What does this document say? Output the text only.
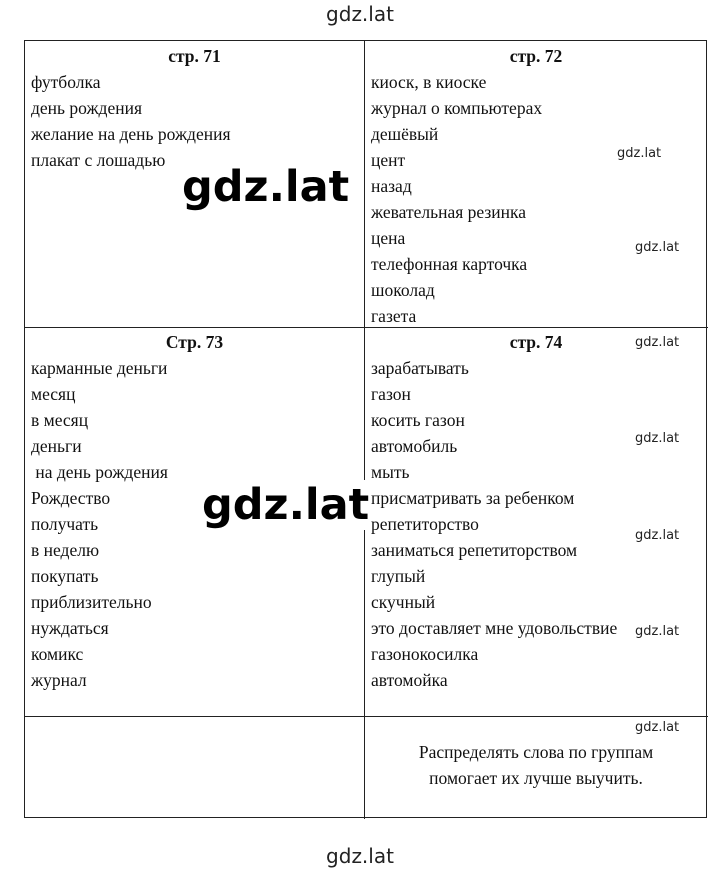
gdz.lat
стр. 71
футболка
день рождения
желание на день рождения
плакат с лошадью
стр. 72
киоск, в киоске
журнал о компьютерах
дешёвый
цент
назад
жевательная резинка
цена
телефонная карточка
шоколад
газета
Стр. 73
карманные деньги
месяц
в месяц
деньги
на день рождения
Рождество
получать
в неделю
покупать
приблизительно
нуждаться
комикс
журнал
стр. 74
зарабатывать
газон
косить газон
автомобиль
мыть
присматривать за ребенком
репетиторство
заниматься репетиторством
глупый
скучный
это доставляет мне удовольствие
газонокосилка
автомойка
Распределять слова по группам
помогает их лучше выучить.
gdz.lat
gdz.lat
gdz.lat
gdz.lat
gdz.lat
gdz.lat
gdz.lat
gdz.lat
gdz.lat
gdz.lat
